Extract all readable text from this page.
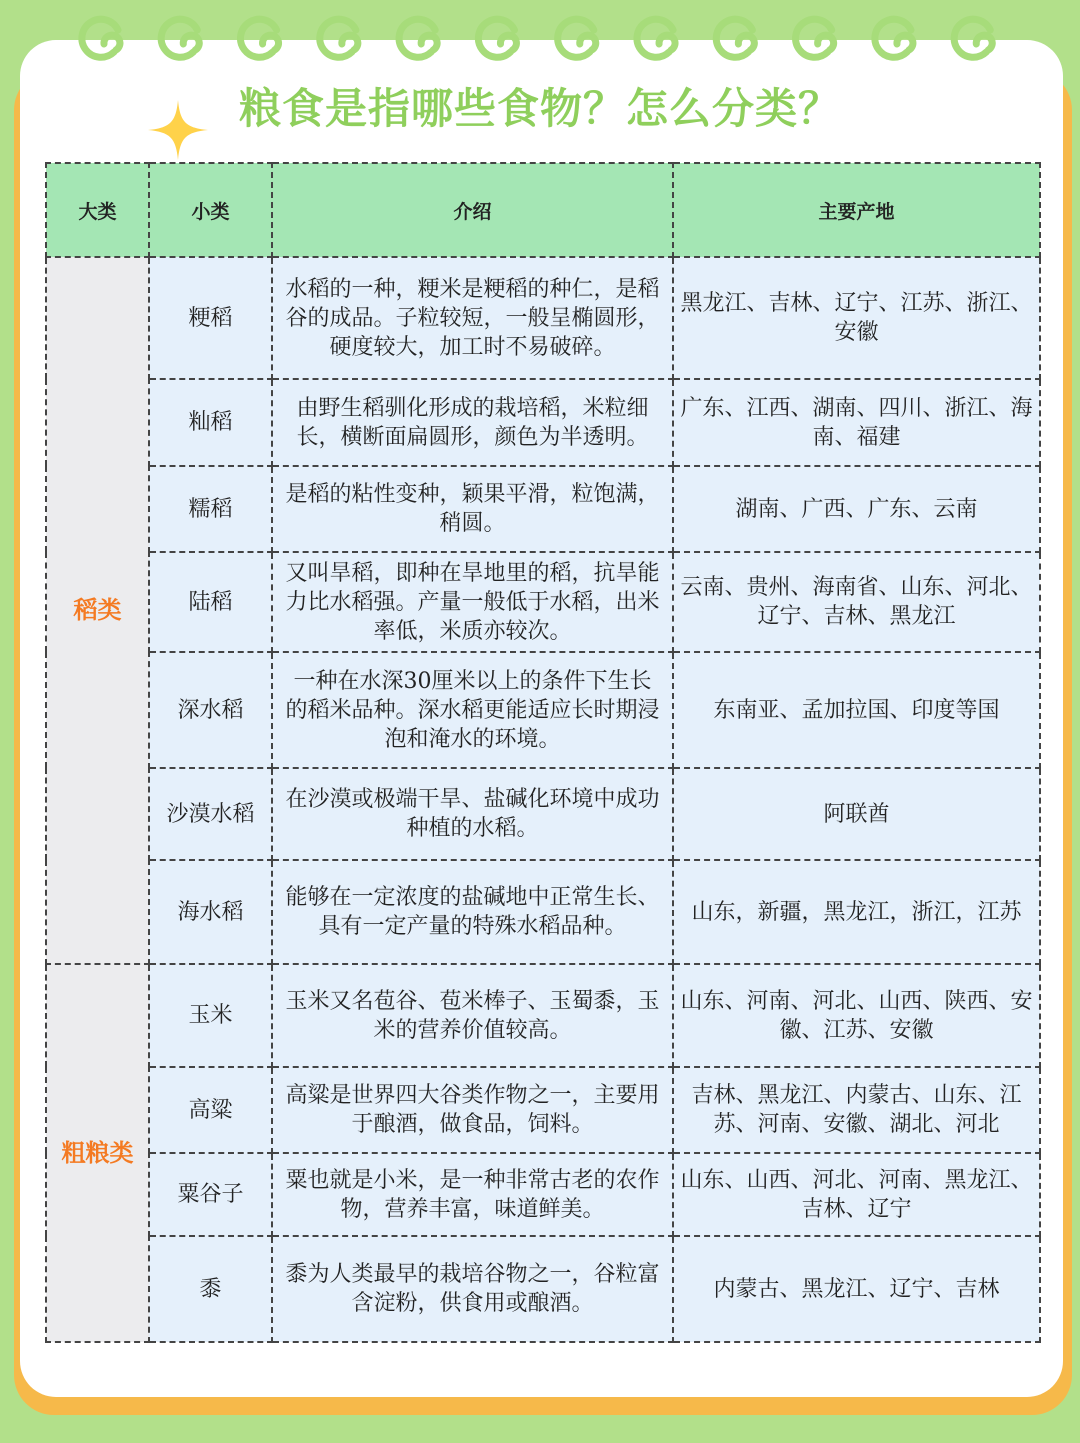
粮食是指哪些食物？怎么分类？
大类	小类	介绍	主要产地
稻类	粳稻	水稻的一种，粳米是粳稻的种仁，是稻谷的成品。子粒较短，一般呈椭圆形，硬度较大，加工时不易破碎。	黑龙江、吉林、辽宁、江苏、浙江、安徽
	籼稻	由野生稻驯化形成的栽培稻，米粒细长，横断面扁圆形，颜色为半透明。	广东、江西、湖南、四川、浙江、海南、福建
	糯稻	是稻的粘性变种，颖果平滑，粒饱满，稍圆。	湖南、广西、广东、云南
	陆稻	又叫旱稻，即种在旱地里的稻，抗旱能力比水稻强。产量一般低于水稻，出米率低，米质亦较次。	云南、贵州、海南省、山东、河北、辽宁、吉林、黑龙江
	深水稻	一种在水深30厘米以上的条件下生长的稻米品种。深水稻更能适应长时期浸泡和淹水的环境。	东南亚、孟加拉国、印度等国
	沙漠水稻	在沙漠或极端干旱、盐碱化环境中成功种植的水稻。	阿联酋
	海水稻	能够在一定浓度的盐碱地中正常生长、具有一定产量的特殊水稻品种。	山东，新疆，黑龙江，浙江，江苏
粗粮类	玉米	玉米又名苞谷、苞米棒子、玉蜀黍，玉米的营养价值较高。	山东、河南、河北、山西、陕西、安徽、江苏、安徽
	高粱	高粱是世界四大谷类作物之一，主要用于酿酒，做食品，饲料。	吉林、黑龙江、内蒙古、山东、江苏、河南、安徽、湖北、河北
	粟谷子	粟也就是小米，是一种非常古老的农作物，营养丰富，味道鲜美。	山东、山西、河北、河南、黑龙江、吉林、辽宁
	黍	黍为人类最早的栽培谷物之一，谷粒富含淀粉，供食用或酿酒。	内蒙古、黑龙江、辽宁、吉林
